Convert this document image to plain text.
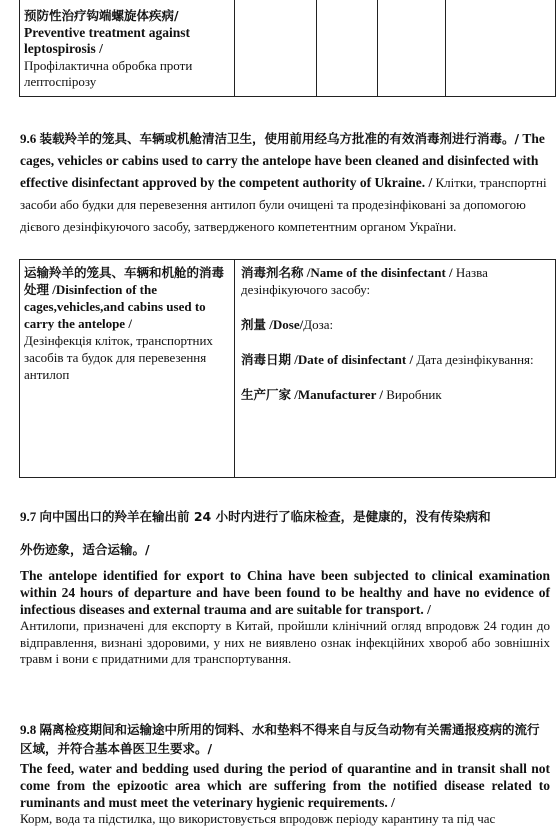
预防性治疗钩端螺旋体疾病/
Preventive treatment against leptospirosis /
Профілактична обробка проти лептоспірозу
9.6 装载羚羊的笼具、车辆或机舱清洁卫生，使用前用经乌方批准的有效消毒剂进行消毒。/ The cages, vehicles or cabins used to carry the antelope have been cleaned and disinfected with effective disinfectant approved by the competent authority of Ukraine. / Клітки, транспортні засоби або будки для перевезення антилоп були очищені та продезінфіковані за допомогою дієвого дезінфікуючого засобу, затвердженого компетентним органом України.
运输羚羊的笼具、车辆和机舱的消毒处理 /Disinfection of the cages,vehicles,and cabins used to carry the antelope /
Дезінфекція кліток, транспортних засобів та будок для перевезення антилоп
消毒剂名称 /Name of the disinfectant / Назва дезінфікуючого засобу:
剂量 /Dose/Доза:
消毒日期 /Date of disinfectant / Дата дезінфікування:
生产厂家 /Manufacturer / Виробник
9.7 向中国出口的羚羊在输出前 24 小时内进行了临床检查，是健康的，没有传染病和
外伤迹象，适合运输。/
The antelope identified for export to China have been subjected to clinical examination within 24 hours of departure and have been found to be healthy and have no evidence of infectious diseases and external trauma and are suitable for transport. /
Антилопи, призначені для експорту в Китай, пройшли клінічний огляд впродовж 24 годин до відправлення, визнані здоровими, у них не виявлено ознак інфекційних хвороб або зовнішніх травм і вони є придатними для транспортування.
9.8 隔离检疫期间和运输途中所用的饲料、水和垫料不得来自与反刍动物有关需通报疫病的流行区域，并符合基本兽医卫生要求。/
The feed, water and bedding used during the period of quarantine and in transit shall not come from the epizootic area which are suffering from the notified disease related to ruminants and must meet the veterinary hygienic requirements. /
Корм, вода та підстилка, що використовується впродовж періоду карантину та під час
